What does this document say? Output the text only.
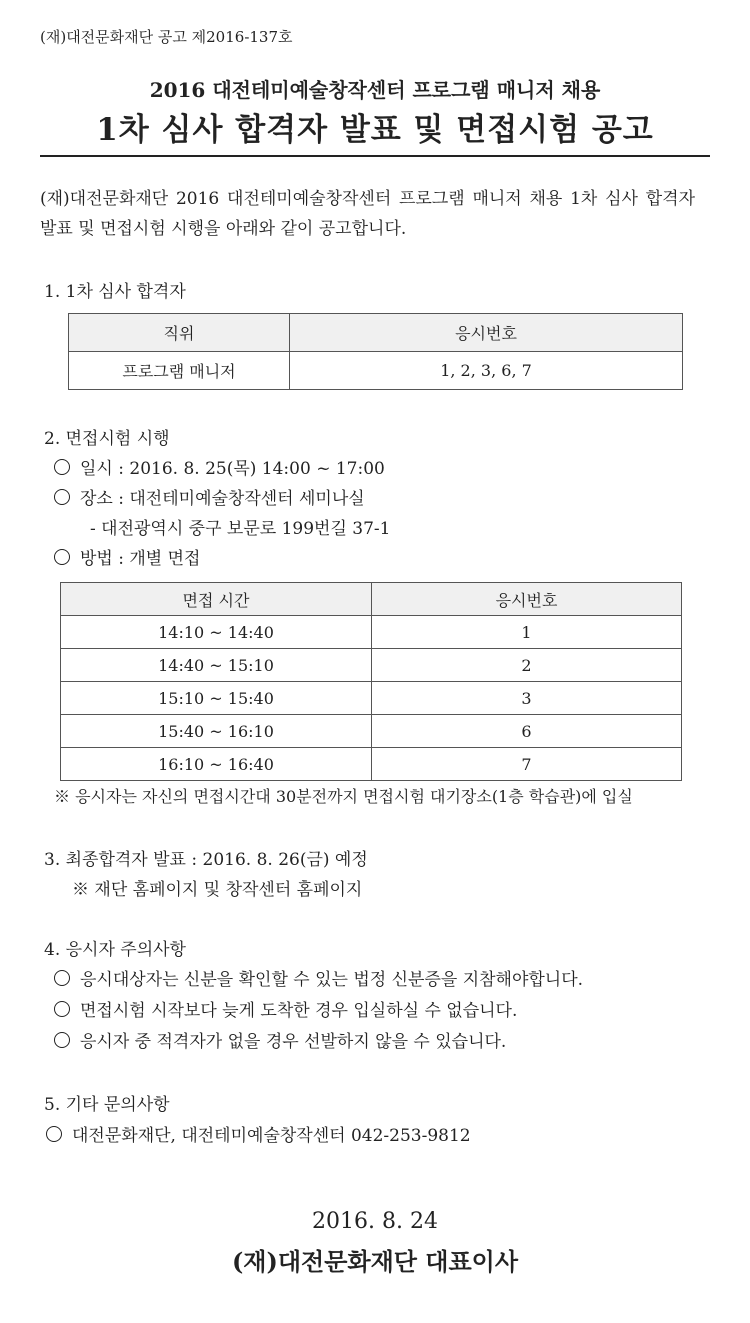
(재)대전문화재단 공고 제2016-137호
2016 대전테미예술창작센터 프로그램 매니저 채용
1차 심사 합격자 발표 및 면접시험 공고
(재)대전문화재단 2016 대전테미예술창작센터 프로그램 매니저 채용 1차 심사 합격자 발표 및 면접시험 시행을 아래와 같이 공고합니다.
1. 1차 심사 합격자
직위	응시번호
프로그램 매니저	1, 2, 3, 6, 7
2. 면접시험 시행
일시 : 2016. 8. 25(목) 14:00 ~ 17:00
장소 : 대전테미예술창작센터 세미나실
- 대전광역시 중구 보문로 199번길 37-1
방법 : 개별 면접
면접 시간	응시번호
14:10 ~ 14:40	1
14:40 ~ 15:10	2
15:10 ~ 15:40	3
15:40 ~ 16:10	6
16:10 ~ 16:40	7
※ 응시자는 자신의 면접시간대 30분전까지 면접시험 대기장소(1층 학습관)에 입실
3. 최종합격자 발표 : 2016. 8. 26(금) 예정
※ 재단 홈페이지 및 창작센터 홈페이지
4. 응시자 주의사항
응시대상자는 신분을 확인할 수 있는 법정 신분증을 지참해야합니다.
면접시험 시작보다 늦게 도착한 경우 입실하실 수 없습니다.
응시자 중 적격자가 없을 경우 선발하지 않을 수 있습니다.
5. 기타 문의사항
대전문화재단, 대전테미예술창작센터 042-253-9812
2016. 8. 24
(재)대전문화재단 대표이사
